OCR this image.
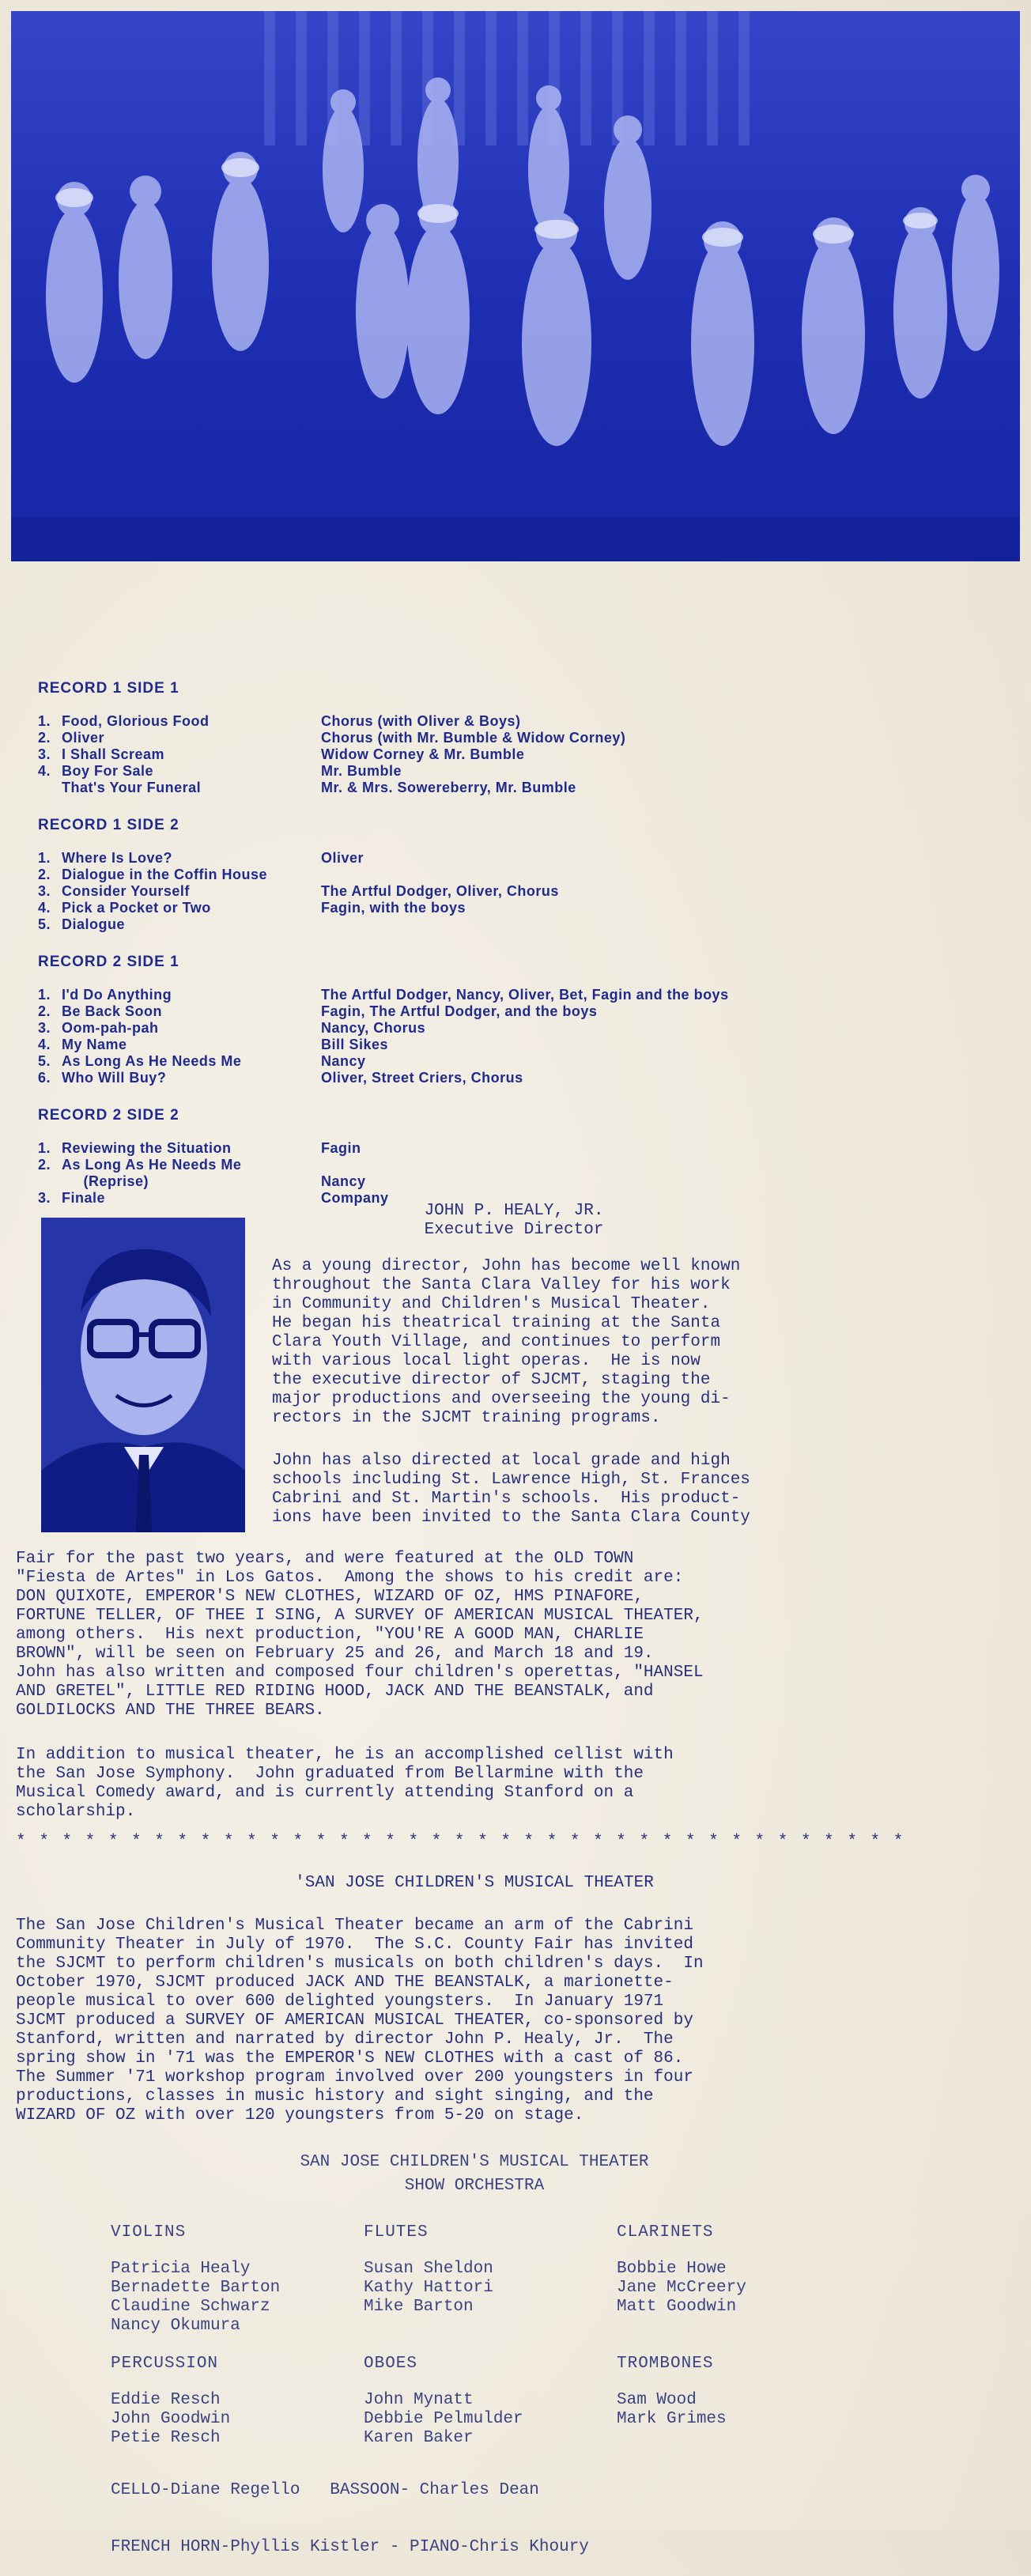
RECORD 1 SIDE 1
1. Food, Glorious Food	Chorus (with Oliver & Boys)
2. Oliver	Chorus (with Mr. Bumble & Widow Corney)
3. I Shall Scream	Widow Corney & Mr. Bumble
4. Boy For Sale	Mr. Bumble
That's Your Funeral	Mr. & Mrs. Sowereberry, Mr. Bumble
RECORD 1 SIDE 2
1. Where Is Love?	Oliver
2. Dialogue in the Coffin House
3. Consider Yourself	The Artful Dodger, Oliver, Chorus
4. Pick a Pocket or Two	Fagin, with the boys
5. Dialogue
RECORD 2 SIDE 1
1. I'd Do Anything	The Artful Dodger, Nancy, Oliver, Bet, Fagin and the boys
2. Be Back Soon	Fagin, The Artful Dodger, and the boys
3. Oom-pah-pah	Nancy, Chorus
4. My Name	Bill Sikes
5. As Long As He Needs Me	Nancy
6. Who Will Buy?	Oliver, Street Criers, Chorus
RECORD 2 SIDE 2
1. Reviewing the Situation	Fagin
2. As Long As He Needs Me
(Reprise)	Nancy
3. Finale	Company
JOHN P. HEALY, JR.
Executive Director
As a young director, John has become well known
throughout the Santa Clara Valley for his work
in Community and Children's Musical Theater.
He began his theatrical training at the Santa
Clara Youth Village, and continues to perform
with various local light operas.  He is now
the executive director of SJCMT, staging the
major productions and overseeing the young di-
rectors in the SJCMT training programs.
John has also directed at local grade and high
schools including St. Lawrence High, St. Frances
Cabrini and St. Martin's schools.  His product-
ions have been invited to the Santa Clara County
Fair for the past two years, and were featured at the OLD TOWN
"Fiesta de Artes" in Los Gatos.  Among the shows to his credit are:
DON QUIXOTE, EMPEROR'S NEW CLOTHES, WIZARD OF OZ, HMS PINAFORE,
FORTUNE TELLER, OF THEE I SING, A SURVEY OF AMERICAN MUSICAL THEATER,
among others.  His next production, "YOU'RE A GOOD MAN, CHARLIE
BROWN", will be seen on February 25 and 26, and March 18 and 19.
John has also written and composed four children's operettas, "HANSEL
AND GRETEL", LITTLE RED RIDING HOOD, JACK AND THE BEANSTALK, and
GOLDILOCKS AND THE THREE BEARS.
In addition to musical theater, he is an accomplished cellist with
the San Jose Symphony.  John graduated from Bellarmine with the
Musical Comedy award, and is currently attending Stanford on a
scholarship.
* * * * * * * * * * * * * * * * * * * * * * * * * * * * * * * * * * * * * * *
'SAN JOSE CHILDREN'S MUSICAL THEATER
The San Jose Children's Musical Theater became an arm of the Cabrini
Community Theater in July of 1970.  The S.C. County Fair has invited
the SJCMT to perform children's musicals on both children's days.  In
October 1970, SJCMT produced JACK AND THE BEANSTALK, a marionette-
people musical to over 600 delighted youngsters.  In January 1971
SJCMT produced a SURVEY OF AMERICAN MUSICAL THEATER, co-sponsored by
Stanford, written and narrated by director John P. Healy, Jr.  The
spring show in '71 was the EMPEROR'S NEW CLOTHES with a cast of 86.
The Summer '71 workshop program involved over 200 youngsters in four
productions, classes in music history and sight singing, and the
WIZARD OF OZ with over 120 youngsters from 5-20 on stage.
SAN JOSE CHILDREN'S MUSICAL THEATER
SHOW ORCHESTRA
VIOLINS
Patricia Healy
Bernadette Barton
Claudine Schwarz
Nancy Okumura
FLUTES
Susan Sheldon
Kathy Hattori
Mike Barton
CLARINETS
Bobbie Howe
Jane McCreery
Matt Goodwin
PERCUSSION
Eddie Resch
John Goodwin
Petie Resch
OBOES
John Mynatt
Debbie Pelmulder
Karen Baker
TROMBONES
Sam Wood
Mark Grimes

CELLO-Diane Regello   BASSOON- Charles Dean

FRENCH HORN-Phyllis Kistler - PIANO-Chris Khoury
